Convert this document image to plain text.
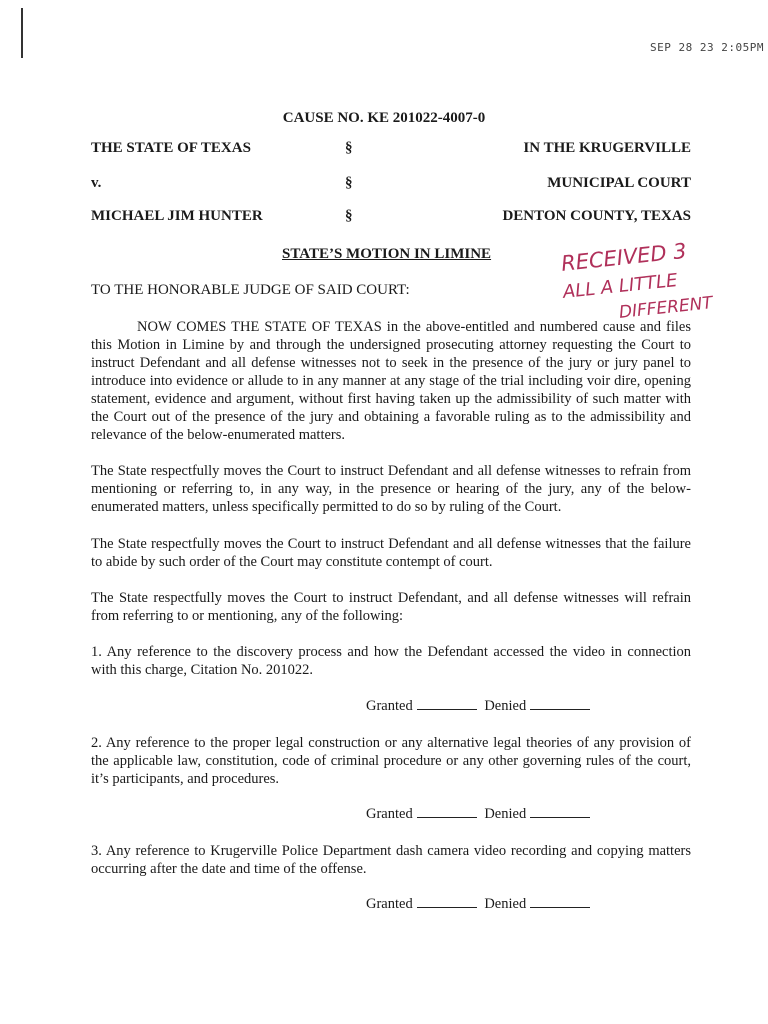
SEP 28 23 2:05PM
CAUSE NO. KE 201022-4007-0
THE STATE OF TEXAS	§	IN THE KRUGERVILLE
v.	§	MUNICIPAL COURT
MICHAEL JIM HUNTER	§	DENTON COUNTY, TEXAS
STATE’S MOTION IN LIMINE	RECEIVED 3
ALL A LITTLE
DIFFERENT
TO THE HONORABLE JUDGE OF SAID COURT:
NOW COMES THE STATE OF TEXAS in the above-entitled and numbered cause and files this Motion in Limine by and through the undersigned prosecuting attorney requesting the Court to instruct Defendant and all defense witnesses not to seek in the presence of the jury or jury panel to introduce into evidence or allude to in any manner at any stage of the trial including voir dire, opening statement, evidence and argument, without first having taken up the admissibility of such matter with the Court out of the presence of the jury and obtaining a favorable ruling as to the admissibility and relevance of the below-enumerated matters.
The State respectfully moves the Court to instruct Defendant and all defense witnesses to refrain from mentioning or referring to, in any way, in the presence or hearing of the jury, any of the below-enumerated matters, unless specifically permitted to do so by ruling of the Court.
The State respectfully moves the Court to instruct Defendant and all defense witnesses that the failure to abide by such order of the Court may constitute contempt of court.
The State respectfully moves the Court to instruct Defendant, and all defense witnesses will refrain from referring to or mentioning, any of the following:
1. Any reference to the discovery process and how the Defendant accessed the video in connection with this charge, Citation No. 201022.
Granted	Denied
2. Any reference to the proper legal construction or any alternative legal theories of any provision of the applicable law, constitution, code of criminal procedure or any other governing rules of the court, it’s participants, and procedures.
Granted	Denied
3. Any reference to Krugerville Police Department dash camera video recording and copying matters occurring after the date and time of the offense.
Granted	Denied
